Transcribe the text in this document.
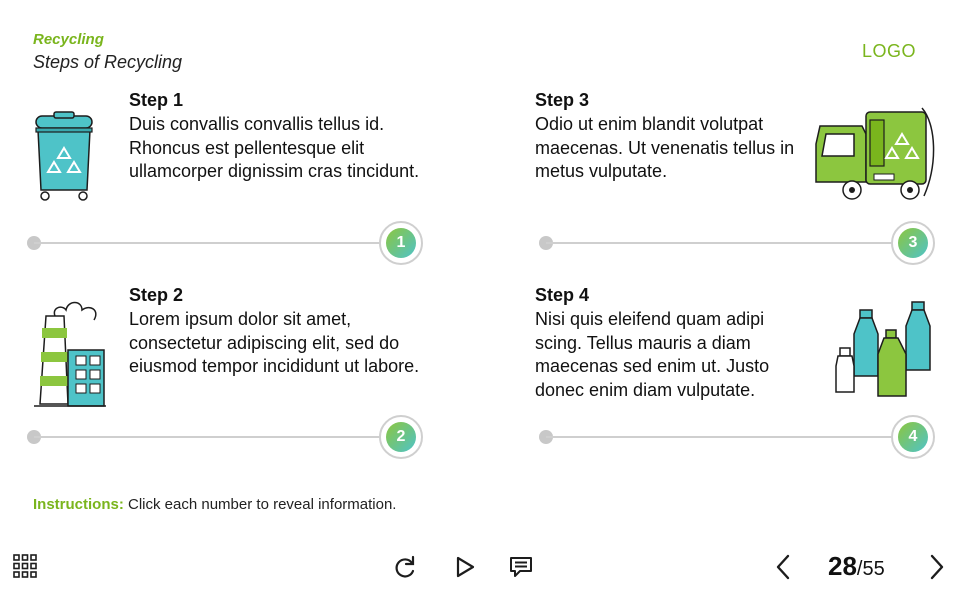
Recycling
Steps of Recycling
LOGO
Step 1
Duis convallis convallis tellus id. Rhoncus est pellentesque elit ullamcorper dignissim cras tincidunt.
1
Step 2
Lorem ipsum dolor sit amet, consectetur adipiscing elit, sed do eiusmod tempor incididunt ut labore.
2
Step 3
Odio ut enim blandit volutpat maecenas. Ut venenatis tellus in metus vulputate.
3
Step 4
Nisi quis eleifend quam adipi scing. Tellus mauris a diam maecenas sed enim ut. Justo donec enim diam vulputate.
4
Instructions: Click each number to reveal information.
28/55
